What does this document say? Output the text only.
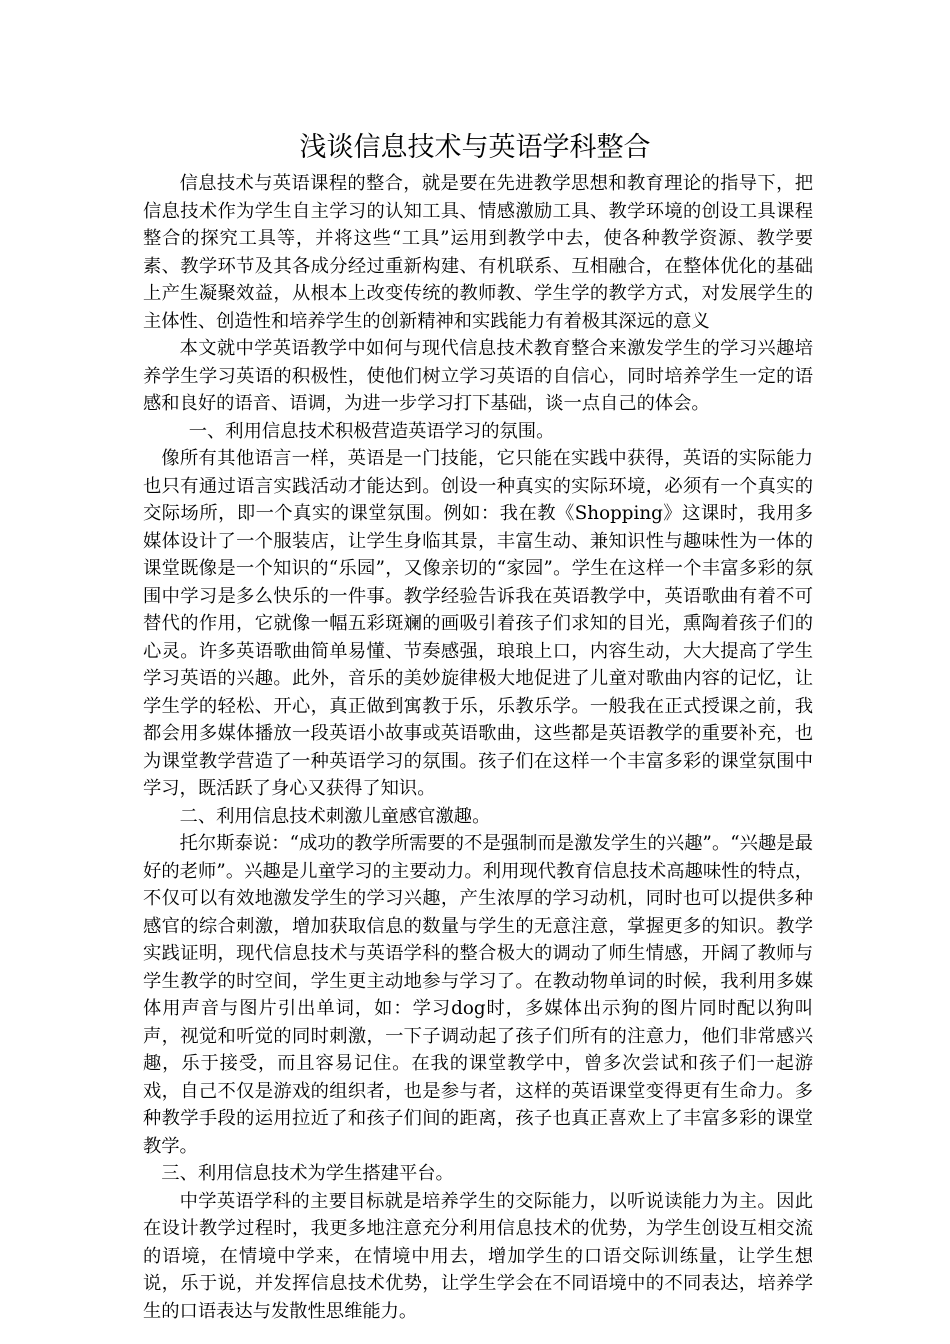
浅谈信息技术与英语学科整合

信息技术与英语课程的整合，就是要在先进教学思想和教育理论的指导下，把信息技术作为学生自主学习的认知工具、情感激励工具、教学环境的创设工具课程整合的探究工具等，并将这些“工具”运用到教学中去，使各种教学资源、教学要素、教学环节及其各成分经过重新构建、有机联系、互相融合，在整体优化的基础上产生凝聚效益，从根本上改变传统的教师教、学生学的教学方式，对发展学生的主体性、创造性和培养学生的创新精神和实践能力有着极其深远的意义

本文就中学英语教学中如何与现代信息技术教育整合来激发学生的学习兴趣培养学生学习英语的积极性，使他们树立学习英语的自信心，同时培养学生一定的语感和良好的语音、语调，为进一步学习打下基础，谈一点自己的体会。

一、利用信息技术积极营造英语学习的氛围。

像所有其他语言一样，英语是一门技能，它只能在实践中获得，英语的实际能力也只有通过语言实践活动才能达到。创设一种真实的实际环境，必须有一个真实的交际场所，即一个真实的课堂氛围。例如：我在教《Shopping》这课时，我用多媒体设计了一个服装店，让学生身临其景，丰富生动、兼知识性与趣味性为一体的课堂既像是一个知识的“乐园”，又像亲切的“家园”。学生在这样一个丰富多彩的氛围中学习是多么快乐的一件事。教学经验告诉我在英语教学中，英语歌曲有着不可替代的作用，它就像一幅五彩斑斓的画吸引着孩子们求知的目光，熏陶着孩子们的心灵。许多英语歌曲简单易懂、节奏感强，琅琅上口，内容生动，大大提高了学生学习英语的兴趣。此外，音乐的美妙旋律极大地促进了儿童对歌曲内容的记忆，让学生学的轻松、开心，真正做到寓教于乐，乐教乐学。一般我在正式授课之前，我都会用多媒体播放一段英语小故事或英语歌曲，这些都是英语教学的重要补充，也为课堂教学营造了一种英语学习的氛围。孩子们在这样一个丰富多彩的课堂氛围中学习，既活跃了身心又获得了知识。

二、利用信息技术刺激儿童感官激趣。

托尔斯泰说：“成功的教学所需要的不是强制而是激发学生的兴趣”。“兴趣是最好的老师”。兴趣是儿童学习的主要动力。利用现代教育信息技术高趣味性的特点，不仅可以有效地激发学生的学习兴趣，产生浓厚的学习动机，同时也可以提供多种感官的综合刺激，增加获取信息的数量与学生的无意注意，掌握更多的知识。教学实践证明，现代信息技术与英语学科的整合极大的调动了师生情感，开阔了教师与学生教学的时空间，学生更主动地参与学习了。在教动物单词的时候，我利用多媒体用声音与图片引出单词，如：学习dog时，多媒体出示狗的图片同时配以狗叫声，视觉和听觉的同时刺激，一下子调动起了孩子们所有的注意力，他们非常感兴趣，乐于接受，而且容易记住。在我的课堂教学中，曾多次尝试和孩子们一起游戏，自己不仅是游戏的组织者，也是参与者，这样的英语课堂变得更有生命力。多种教学手段的运用拉近了和孩子们间的距离，孩子也真正喜欢上了丰富多彩的课堂教学。

三、利用信息技术为学生搭建平台。

中学英语学科的主要目标就是培养学生的交际能力，以听说读能力为主。因此在设计教学过程时，我更多地注意充分利用信息技术的优势，为学生创设互相交流的语境，在情境中学来，在情境中用去，增加学生的口语交际训练量，让学生想说，乐于说，并发挥信息技术优势，让学生学会在不同语境中的不同表达，培养学生的口语表达与发散性思维能力。
